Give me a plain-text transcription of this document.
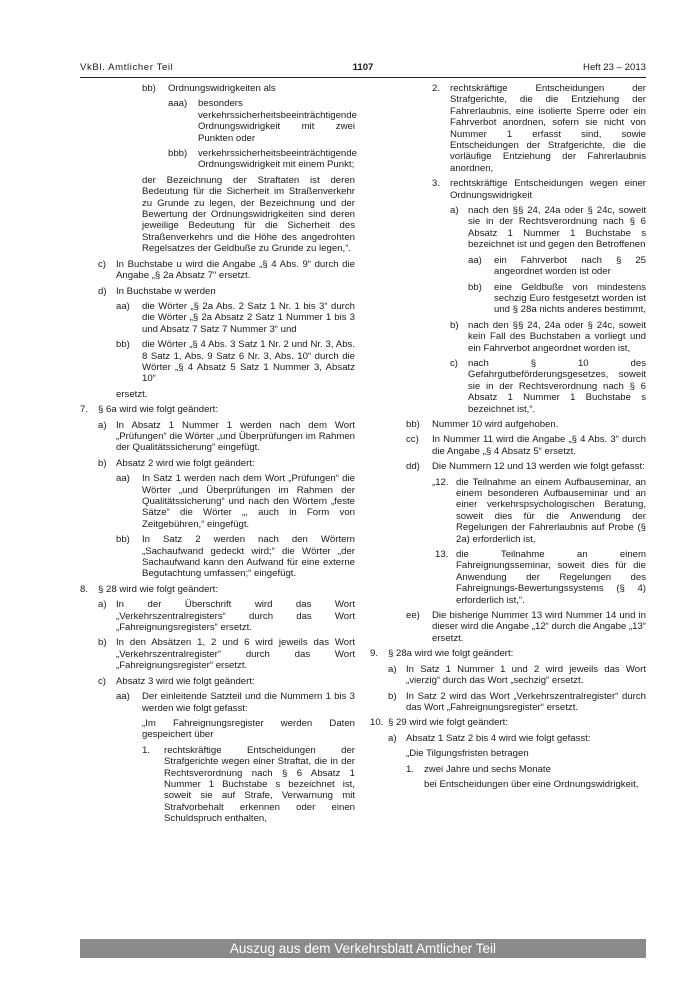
VkBl. Amtlicher Teil	1107	Heft 23 – 2013
bb) Ordnungswidrigkeiten als
aaa) besonders verkehrssicherheitsbeeinträchtigende Ordnungswidrigkeit mit zwei Punkten oder
bbb) verkehrssicherheitsbeeinträchtigende Ordnungswidrigkeit mit einem Punkt;
der Bezeichnung der Straftaten ist deren Bedeutung für die Sicherheit im Straßenverkehr zu Grunde zu legen, der Bezeichnung und der Bewertung der Ordnungswidrigkeiten sind deren jeweilige Bedeutung für die Sicherheit des Straßenverkehrs und die Höhe des angedrohten Regelsatzes der Geldbuße zu Grunde zu legen,“.
c) In Buchstabe u wird die Angabe „§ 4 Abs. 9“ durch die Angabe „§ 2a Absatz 7“ ersetzt.
d) In Buchstabe w werden
aa) die Wörter „§ 2a Abs. 2 Satz 1 Nr. 1 bis 3“ durch die Wörter „§ 2a Absatz 2 Satz 1 Nummer 1 bis 3 und Absatz 7 Satz 7 Nummer 3“ und
bb) die Wörter „§ 4 Abs. 3 Satz 1 Nr. 2 und Nr. 3, Abs. 8 Satz 1, Abs. 9 Satz 6 Nr. 3, Abs. 10“ durch die Wörter „§ 4 Absatz 5 Satz 1 Nummer 3, Absatz 10“
ersetzt.
7. § 6a wird wie folgt geändert:
a) In Absatz 1 Nummer 1 werden nach dem Wort „Prüfungen“ die Wörter „und Überprüfungen im Rahmen der Qualitätssicherung“ eingefügt.
b) Absatz 2 wird wie folgt geändert:
aa) In Satz 1 werden nach dem Wort „Prüfungen“ die Wörter „und Überprüfungen im Rahmen der Qualitätssicherung“ und nach den Wörtern „feste Sätze“ die Wörter „, auch in Form von Zeitgebühren,“ eingefügt.
bb) In Satz 2 werden nach den Wörtern „Sachaufwand gedeckt wird;“ die Wörter „der Sachaufwand kann den Aufwand für eine externe Begutachtung umfassen;“ eingefügt.
8. § 28 wird wie folgt geändert:
a) In der Überschrift wird das Wort „Verkehrszentralregisters“ durch das Wort „Fahreignungsregisters“ ersetzt.
b) In den Absätzen 1, 2 und 6 wird jeweils das Wort „Verkehrszentralregister“ durch das Wort „Fahreignungsregister“ ersetzt.
c) Absatz 3 wird wie folgt geändert:
aa) Der einleitende Satzteil und die Nummern 1 bis 3 werden wie folgt gefasst:
„Im Fahreignungsregister werden Daten gespeichert über
1. rechtskräftige Entscheidungen der Strafgerichte wegen einer Straftat, die in der Rechtsverordnung nach § 6 Absatz 1 Nummer 1 Buchstabe s bezeichnet ist, soweit sie auf Strafe, Verwarnung mit Strafvorbehalt erkennen oder einen Schuldspruch enthalten,
2. rechtskräftige Entscheidungen der Strafgerichte, die die Entziehung der Fahrerlaubnis, eine isolierte Sperre oder ein Fahrverbot anordnen, sofern sie nicht von Nummer 1 erfasst sind, sowie Entscheidungen der Strafgerichte, die die vorläufige Entziehung der Fahrerlaubnis anordnen,
3. rechtskräftige Entscheidungen wegen einer Ordnungswidrigkeit
a) nach den §§ 24, 24a oder § 24c, soweit sie in der Rechtsverordnung nach § 6 Absatz 1 Nummer 1 Buchstabe s bezeichnet ist und gegen den Betroffenen
aa) ein Fahrverbot nach § 25 angeordnet worden ist oder
bb) eine Geldbuße von mindestens sechzig Euro festgesetzt worden ist und § 28a nichts anderes bestimmt,
b) nach den §§ 24, 24a oder § 24c, soweit kein Fall des Buchstaben a vorliegt und ein Fahrverbot angeordnet worden ist,
c) nach § 10 des Gefahrgutbeförderungsgesetzes, soweit sie in der Rechtsverordnung nach § 6 Absatz 1 Nummer 1 Buchstabe s bezeichnet ist,“.
bb) Nummer 10 wird aufgehoben.
cc) In Nummer 11 wird die Angabe „§ 4 Abs. 3“ durch die Angabe „§ 4 Absatz 5“ ersetzt.
dd) Die Nummern 12 und 13 werden wie folgt gefasst:
„12. die Teilnahme an einem Aufbauseminar, an einem besonderen Aufbauseminar und an einer verkehrspsychologischen Beratung, soweit dies für die Anwendung der Regelungen der Fahrerlaubnis auf Probe (§ 2a) erforderlich ist,
13. die Teilnahme an einem Fahreignungsseminar, soweit dies für die Anwendung der Regelungen des Fahreignungs-Bewertungssystems (§ 4) erforderlich ist,“.
ee) Die bisherige Nummer 13 wird Nummer 14 und in dieser wird die Angabe „12“ durch die Angabe „13“ ersetzt.
9. § 28a wird wie folgt geändert:
a) In Satz 1 Nummer 1 und 2 wird jeweils das Wort „vierzig“ durch das Wort „sechzig“ ersetzt.
b) In Satz 2 wird das Wort „Verkehrszentralregister“ durch das Wort „Fahreignungsregister“ ersetzt.
10. § 29 wird wie folgt geändert:
a) Absatz 1 Satz 2 bis 4 wird wie folgt gefasst:
„Die Tilgungsfristen betragen
1. zwei Jahre und sechs Monate
bei Entscheidungen über eine Ordnungswidrigkeit,
Auszug aus dem Verkehrsblatt Amtlicher Teil
